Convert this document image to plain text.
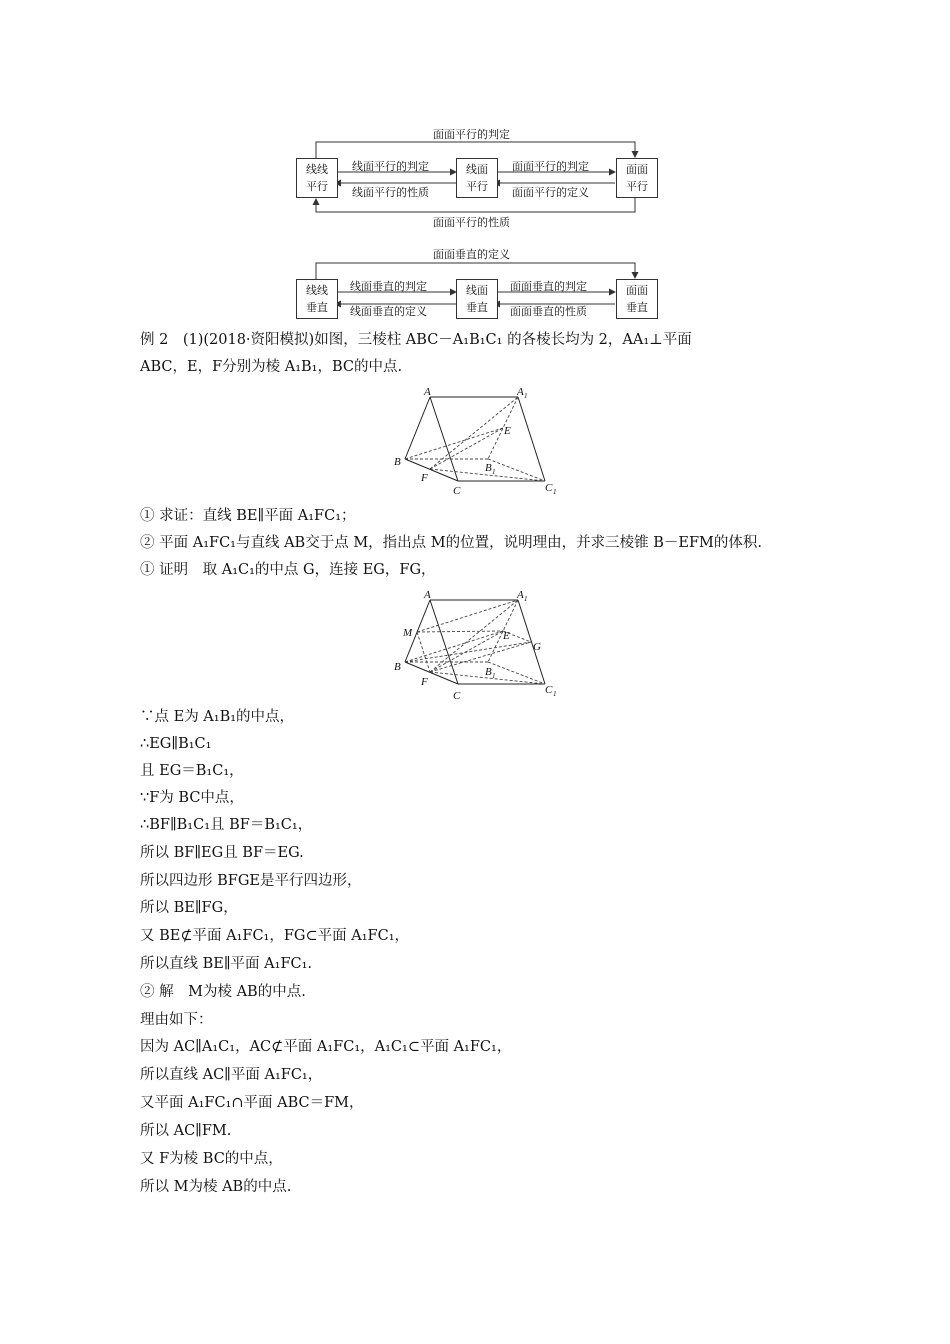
面面平行的判定
面面平行的性质
线线平行
线面平行
面面平行
线面平行的判定
线面平行的性质
面面平行的判定
面面平行的定义
面面垂直的定义
线线垂直
线面垂直
面面垂直
线面垂直的判定
线面垂直的定义
面面垂直的判定
面面垂直的性质
例 2　(1)(2018·资阳模拟)如图，三棱柱 ABC－A₁B₁C₁ 的各棱长均为 2，AA₁⊥平面
ABC，E，F分别为棱 A₁B₁，BC的中点.
A	A 1
E
B	B 1
F
C	C 1
① 求证：直线 BE∥平面 A₁FC₁；
② 平面 A₁FC₁与直线 AB交于点 M，指出点 M的位置，说明理由，并求三棱锥 B－EFM的体积.
① 证明　取 A₁C₁的中点 G，连接 EG，FG，
A	A 1
M	E
G
B	B 1
F
C	C 1
∵点 E为 A₁B₁的中点，
∴EG∥B₁C₁
且 EG＝B₁C₁，
∵F为 BC中点，
∴BF∥B₁C₁且 BF＝B₁C₁，
所以 BF∥EG且 BF＝EG.
所以四边形 BFGE是平行四边形，
所以 BE∥FG，
又 BE⊄平面 A₁FC₁，FG⊂平面 A₁FC₁，
所以直线 BE∥平面 A₁FC₁.
② 解　M为棱 AB的中点.
理由如下：
因为 AC∥A₁C₁，AC⊄平面 A₁FC₁，A₁C₁⊂平面 A₁FC₁，
所以直线 AC∥平面 A₁FC₁，
又平面 A₁FC₁∩平面 ABC＝FM，
所以 AC∥FM.
又 F为棱 BC的中点，
所以 M为棱 AB的中点.
